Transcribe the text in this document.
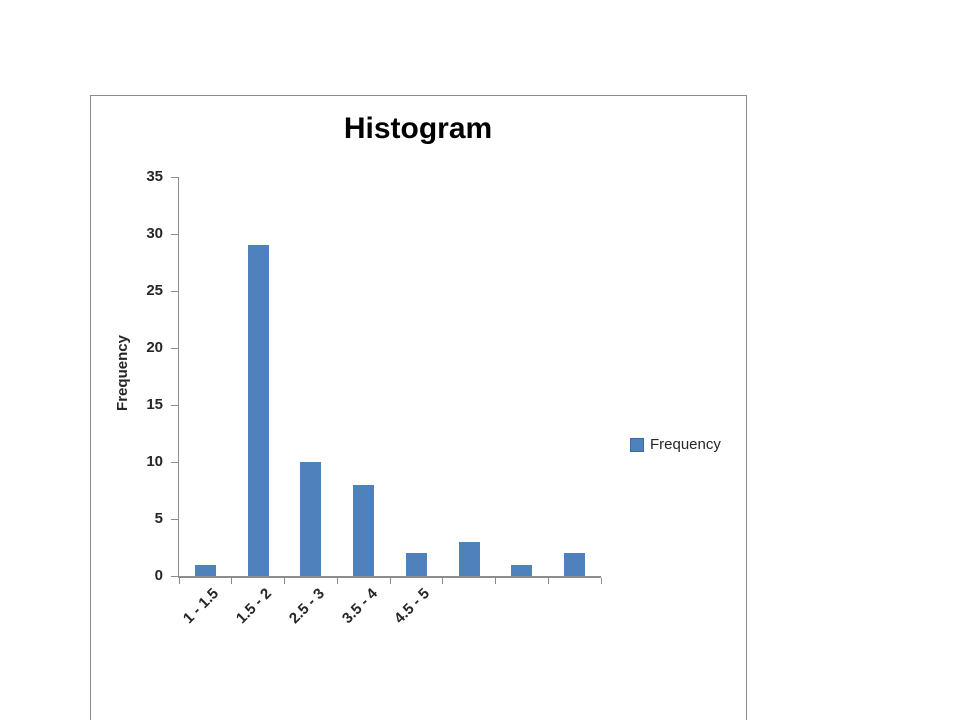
Histogram
0
5
10
15
20
25
30
35
1 - 1.5 1.5 - 2 2.5 - 3 3.5 - 4 4.5 - 5
Frequency
Frequency
